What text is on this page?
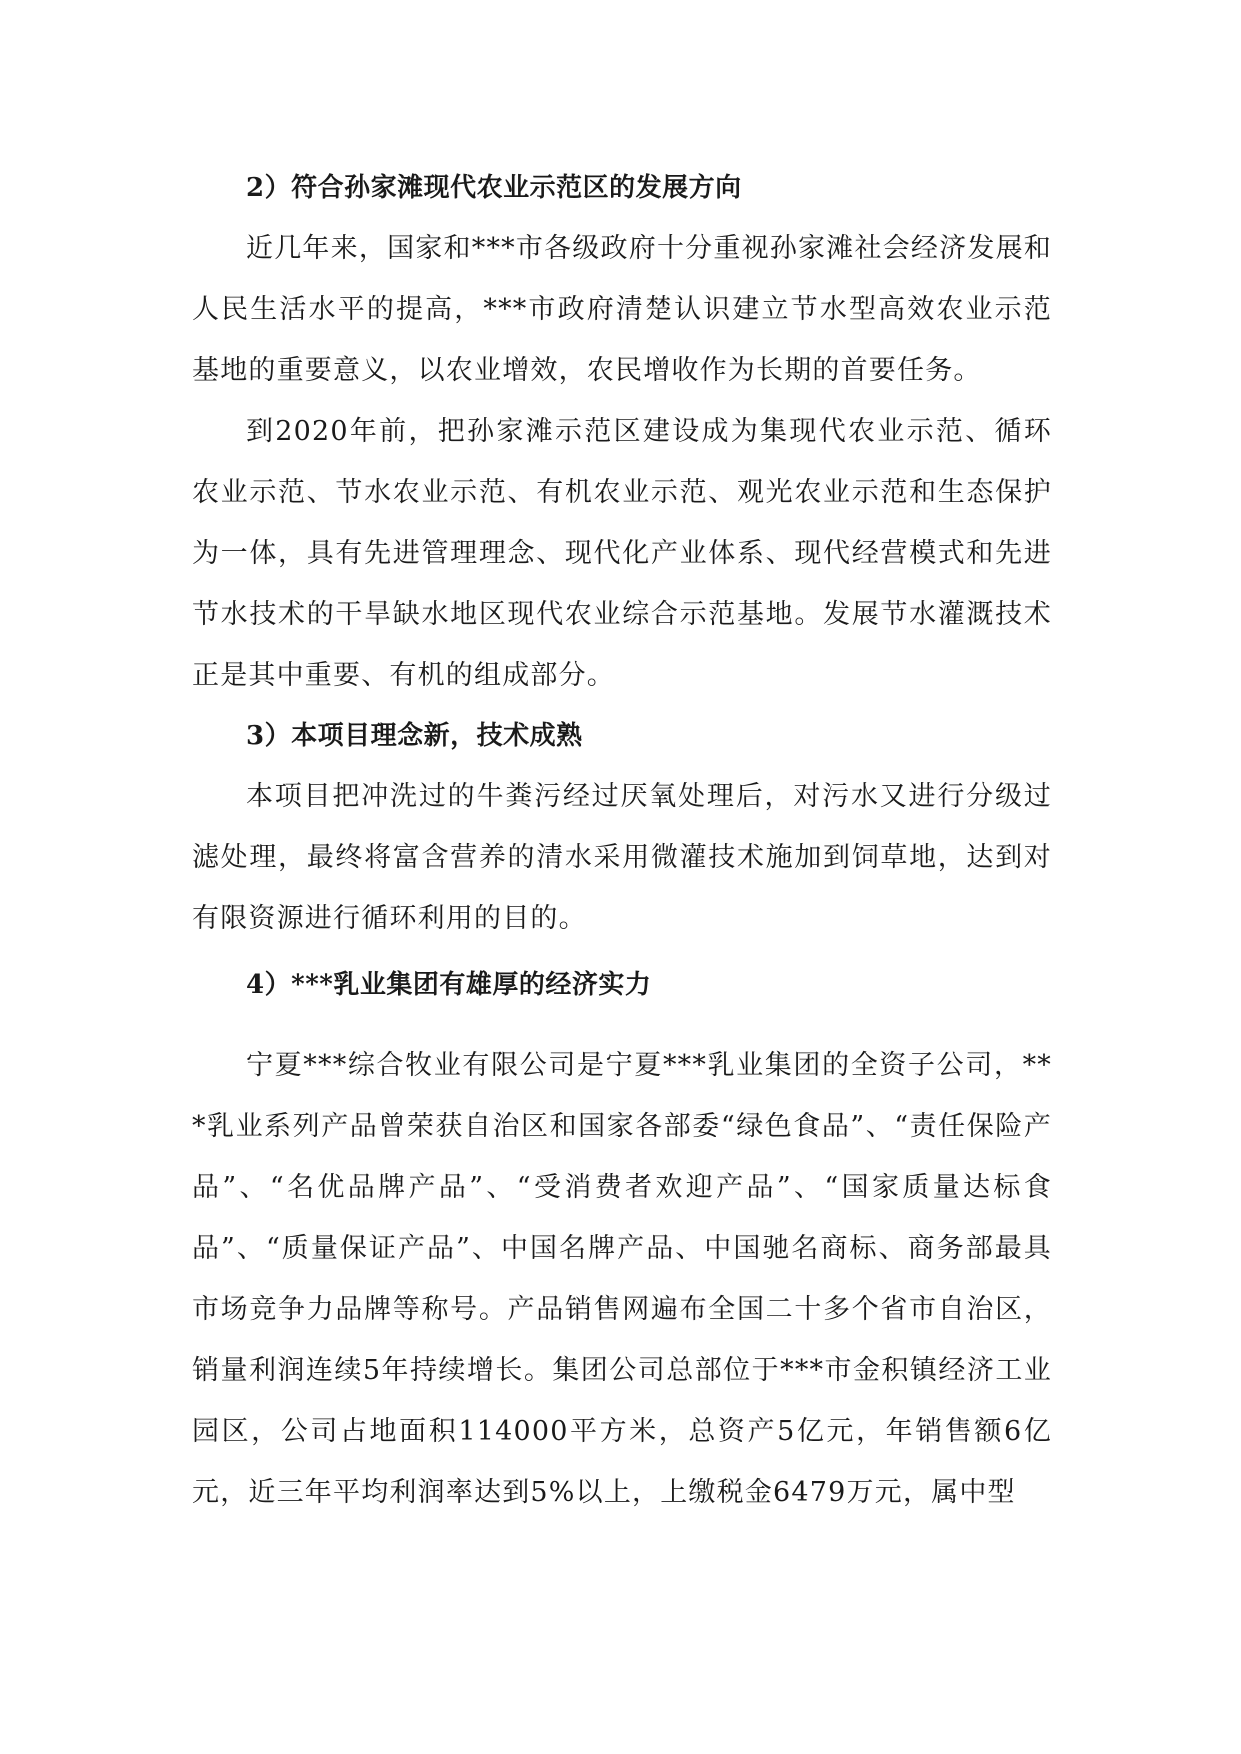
2）符合孙家滩现代农业示范区的发展方向

近几年来，国家和***市各级政府十分重视孙家滩社会经济发展和人民生活水平的提高，***市政府清楚认识建立节水型高效农业示范基地的重要意义，以农业增效，农民增收作为长期的首要任务。

到2020年前，把孙家滩示范区建设成为集现代农业示范、循环农业示范、节水农业示范、有机农业示范、观光农业示范和生态保护为一体，具有先进管理理念、现代化产业体系、现代经营模式和先进节水技术的干旱缺水地区现代农业综合示范基地。发展节水灌溉技术正是其中重要、有机的组成部分。

3）本项目理念新，技术成熟

本项目把冲洗过的牛粪污经过厌氧处理后，对污水又进行分级过滤处理，最终将富含营养的清水采用微灌技术施加到饲草地，达到对有限资源进行循环利用的目的。

4）***乳业集团有雄厚的经济实力

宁夏***综合牧业有限公司是宁夏***乳业集团的全资子公司，***乳业系列产品曾荣获自治区和国家各部委“绿色食品”、“责任保险产品”、“名优品牌产品”、“受消费者欢迎产品”、“国家质量达标食品”、“质量保证产品”、中国名牌产品、中国驰名商标、商务部最具市场竞争力品牌等称号。产品销售网遍布全国二十多个省市自治区，销量利润连续5年持续增长。集团公司总部位于***市金积镇经济工业园区，公司占地面积114000平方米，总资产5亿元，年销售额6亿元，近三年平均利润率达到5%以上，上缴税金6479万元，属中型
